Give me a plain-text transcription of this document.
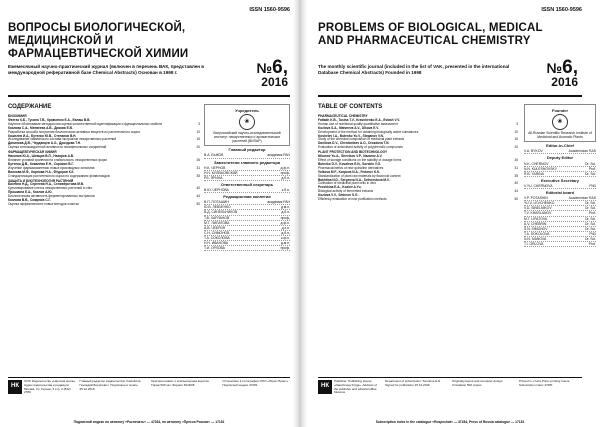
ISSN 1560-9596
ВОПРОСЫ БИОЛОГИЧЕСКОЙ, МЕДИЦИНСКОЙ И ФАРМАЦЕВТИЧЕСКОЙ ХИМИИ
Ежемесячный научно-практический журнал (включен в перечень ВАК, представлен в международной реферативной базе Chemical Abstracts) Основан в 1998 г.	№6,
2016
СОДЕРЖАНИЕ
БИОХИМИЯ
Фаттах К.Б., Тусина Т.В., Кравченко Е.А., Евлаш В.В.
Научное обоснование методологии оценки количественной идентификации и функциональных свойств	3
Козлова С.А., Матвеева А.В., Дикова Е.В.
Разработка способа получения биологически активных веществ из растительного сырья	10
Кошелев И.А., Бутенко Ю.В., Степанов В.Н.
Исследование химического состава экстрактов лекарственных растений	15
Данилова Д.В., Черданцев А.О., Дроздова Т.Н.
Оценка антиоксидантной активности полифенольных соединений	20
ФАРМАЦЕВТИЧЕСКАЯ ХИМИЯ
Никонов Ю.А., Шевцов В.П., Назаров А.В.
Влияние условий хранения на стабильность лекарственных форм	26
Бутенко Д.В., Ковалёва Е.Н., Сорокин В.Г.
Изучение фармакокинетики новых производных хинолина	31
Волкова М.Ф., Карпова Н.А., Фёдоров К.К.
Стандартизация растительного сырья по содержанию флавоноидов	35
ЗАЩИТА И БИОТЕХНОЛОГИЯ РАСТЕНИЙ
Бахтина Н.Д., Сергеева Н.А., Селивёрстова М.В.
Культивирование клеток лекарственных растений in vitro	40
Прошкина Е.А., Козлов А.Ю.
Биологическая активность ферментированных экстрактов	44
Козлова В.В., Смирнов С.Г.
Оценка эффективности новых методов очистки	50
Учредитель
❀
Всероссийский научно-исследовательский институт лекарственных и ароматических растений (ВИЛАР)
Главный редактор
В.А. БЫКОВ	академик РАН
Заместители главного редактора
Н.К. ЧЕРНОВ	д.ф.н.
Н.Н. КУЛЕШОВСКИЙ	проф.
Р.Б. ЯРИНА	д.б.н.
Ответственный секретарь
В.Ю. ЧЕРНОВА	к.б.н.
Редакционная коллегия
В.П. ПОТАШИН	академик РАН
Ю.В. ЛЕВЧЕНКО	д.м.н.
В.Д. СИНЕЛЬНИКОВ	д.б.н.
Т.В. ХАРЛАНОВ	проф.
М.Т. ЛИПАТОВА	д.ф.н.
А.В. ЧЕБРИН	д.х.н.
С.Н. СИМОНОВ	д.б.н.
Т.А. СОКОЛОВА	к.ф.н.
Н.Н. ИВАНОВА	д.м.н.
Т.И. ОРЛОВА	проф.
НК
ООО Издательство «Научная книга» Адрес издательства и редакции: Москва, Ул. Героев, 3 стр. 2 (812) 2789
Главный редактор издательства: Самойлов Геннадий Борисович. Подписано в печать 25.12.2016
Оригинал-макет и компьютерная верстка. Тираж 500 экз. Формат 60x90/8
Отпечатано в типографии ООО «Юрис-Принт». Подписной индекс 47281
Подписной индекс по каталогу «Роспечать» — 47284, по каталогу «Пресса России» — 17181
ISSN 1560-9596
PROBLEMS OF BIOLOGICAL, MEDICAL AND PHARMACEUTICAL CHEMISTRY
The monthly scientific journal (included in the list of VAK, presented in the international Database Chemical Abstracts) Founded in 1998	№6,
2016
TABLE OF CONTENTS
PHARMACEUTICAL CHEMISTRY
Fattakh K.B., Tusina T.V., Kravchenko E.A., Evlash V.V.
Human use of nutritional quality quantitative assessment	3
Kozlova S.A., Matveeva A.V., Dikova E.V.
Development of the method for obtaining biologically active substances	10
Koshelev I.A., Butenko Yu.V., Stepanov V.N.
Study of the chemical composition of medicinal plant extracts	15
Danilova D.V., Cherdantsev A.O., Drozdova T.N.
Evaluation of antioxidant activity of polyphenolic compounds	20
PLANT PROTECTION AND BIOTECHNOLOGY
Nikonov Yu.A., Shevtsov V.P., Nazarov A.V.
Effect of storage conditions on the stability of dosage forms	26
Butenko D.V., Kovaleva E.N., Sorokin V.G.
Pharmacokinetics of new quinoline derivatives	31
Volkova M.F., Karpova N.A., Fedorov K.K.
Standardization of plant raw materials by flavonoid content	35
Bakhtina N.D., Sergeeva N.A., Seliverstova M.V.
Cultivation of medicinal plant cells in vitro	40
Proshkina E.A., Kozlov A.Yu.
Biological activity of fermented extracts	44
Kozlova V.V., Smirnov S.G.
Efficiency evaluation of new purification methods	50
Founder
❀
All-Russian Scientific Research Institute of Medicinal and Aromatic Plants
Editor-in-Chief
V.A. BYKOV	Academician RAS
Deputy Editor
N.K. CHERNOV	Dr. Sci.
N.N. KULESHOVSKY	Prof.
R.B. YARINA	Dr. Sci.
Executive Secretary
V.YU. CHERNOVA	PhD
Editorial board
V.P. POTASHIN	Academician RAS
YU.V. LEVCHENKO	Dr. Sci.
V.D. SINELNIKOV	Dr. Sci.
T.V. KHARLANOV	Prof.
M.T. LIPATOVA	Dr. Sci.
A.V. CHEBRIN	Dr. Sci.
S.N. SIMONOV	Dr. Sci.
T.A. SOKOLOVA	PhD
N.N. IVANOVA	Dr. Sci.
T.I. ORLOVA	Prof.
НК
Publisher: Publishing House «Nauchnaya Kniga». Address of the publisher and editorial office: Moscow
Department of subscription: Sorokina E.N. Signed for publication 25.12.2016
Originally-layout and computer design. Circulation 500 copies
Printed in «Yuris-Print» printing house. Subscription index 47281
Subscription index in the catalogue «Rospechat» — 47284, Press of Russia catalogue — 17181
